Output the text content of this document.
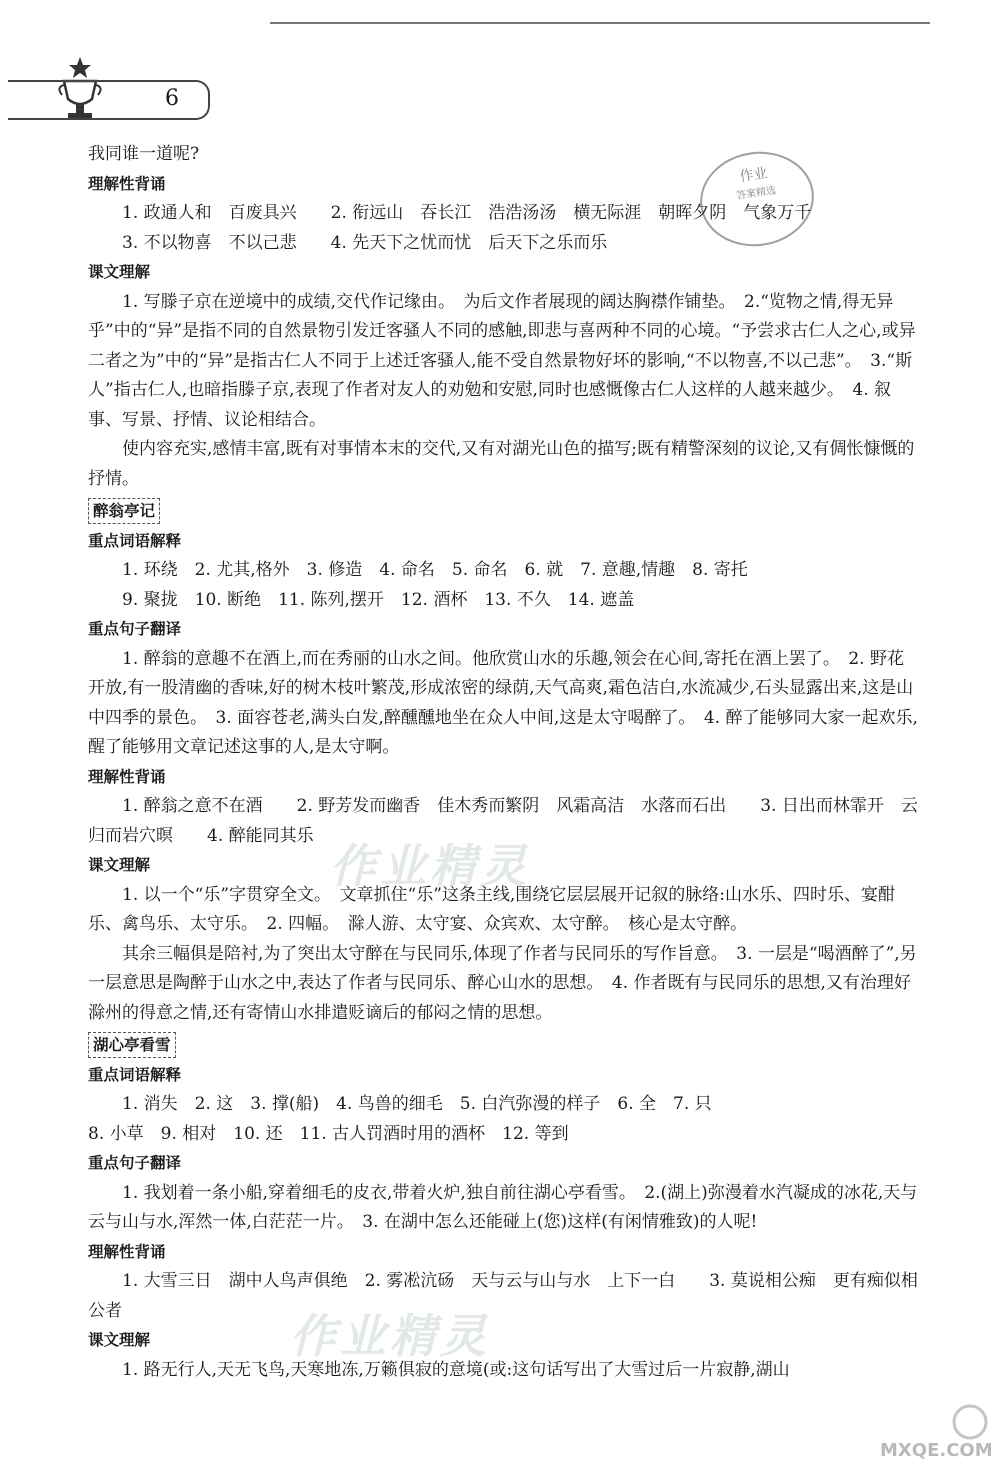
6
作业
答案精选
我同谁一道呢?
理解性背诵
1. 政通人和　百废具兴　　2. 衔远山　吞长江　浩浩汤汤　横无际涯　朝晖夕阴　气象万千
3. 不以物喜　不以己悲　　4. 先天下之忧而忧　后天下之乐而乐
课文理解
1. 写滕子京在逆境中的成绩,交代作记缘由。　为后文作者展现的阔达胸襟作铺垫。　2.“览物之情,得无异乎”中的“异”是指不同的自然景物引发迁客骚人不同的感触,即悲与喜两种不同的心境。“予尝求古仁人之心,或异二者之为”中的“异”是指古仁人不同于上述迁客骚人,能不受自然景物好坏的影响,“不以物喜,不以己悲”。　3.“斯人”指古仁人,也暗指滕子京,表现了作者对友人的劝勉和安慰,同时也感慨像古仁人这样的人越来越少。　4. 叙事、写景、抒情、议论相结合。
使内容充实,感情丰富,既有对事情本末的交代,又有对湖光山色的描写;既有精警深刻的议论,又有倜怅慷慨的抒情。
醉翁亭记
重点词语解释
1. 环绕　2. 尤其,格外　3. 修造　4. 命名　5. 命名　6. 就　7. 意趣,情趣　8. 寄托
9. 聚拢　10. 断绝　11. 陈列,摆开　12. 酒杯　13. 不久　14. 遮盖
重点句子翻译
1. 醉翁的意趣不在酒上,而在秀丽的山水之间。他欣赏山水的乐趣,领会在心间,寄托在酒上罢了。　2. 野花开放,有一股清幽的香味,好的树木枝叶繁茂,形成浓密的绿荫,天气高爽,霜色洁白,水流减少,石头显露出来,这是山中四季的景色。　3. 面容苍老,满头白发,醉醺醺地坐在众人中间,这是太守喝醉了。　4. 醉了能够同大家一起欢乐,醒了能够用文章记述这事的人,是太守啊。
理解性背诵
1. 醉翁之意不在酒　　2. 野芳发而幽香　佳木秀而繁阴　风霜高洁　水落而石出　　3. 日出而林霏开　云归而岩穴暝　　4. 醉能同其乐
课文理解
1. 以一个“乐”字贯穿全文。　文章抓住“乐”这条主线,围绕它层层展开记叙的脉络:山水乐、四时乐、宴酣乐、禽鸟乐、太守乐。　2. 四幅。　滁人游、太守宴、众宾欢、太守醉。　核心是太守醉。
其余三幅俱是陪衬,为了突出太守醉在与民同乐,体现了作者与民同乐的写作旨意。　3. 一层是“喝酒醉了”,另一层意思是陶醉于山水之中,表达了作者与民同乐、醉心山水的思想。　4. 作者既有与民同乐的思想,又有治理好滁州的得意之情,还有寄情山水排遣贬谪后的郁闷之情的思想。
湖心亭看雪
重点词语解释
1. 消失　2. 这　3. 撑(船)　4. 鸟兽的细毛　5. 白汽弥漫的样子　6. 全　7. 只
8. 小草　9. 相对　10. 还　11. 古人罚酒时用的酒杯　12. 等到
重点句子翻译
1. 我划着一条小船,穿着细毛的皮衣,带着火炉,独自前往湖心亭看雪。　2.(湖上)弥漫着水汽凝成的冰花,天与云与山与水,浑然一体,白茫茫一片。　3. 在湖中怎么还能碰上(您)这样(有闲情雅致)的人呢!
理解性背诵
1. 大雪三日　湖中人鸟声俱绝　2. 雾凇沆砀　天与云与山与水　上下一白　　3. 莫说相公痴　更有痴似相公者
课文理解
1. 路无行人,天无飞鸟,天寒地冻,万籁俱寂的意境(或:这句话写出了大雪过后一片寂静,湖山
作业精灵
作业精灵
MXQE.COM
